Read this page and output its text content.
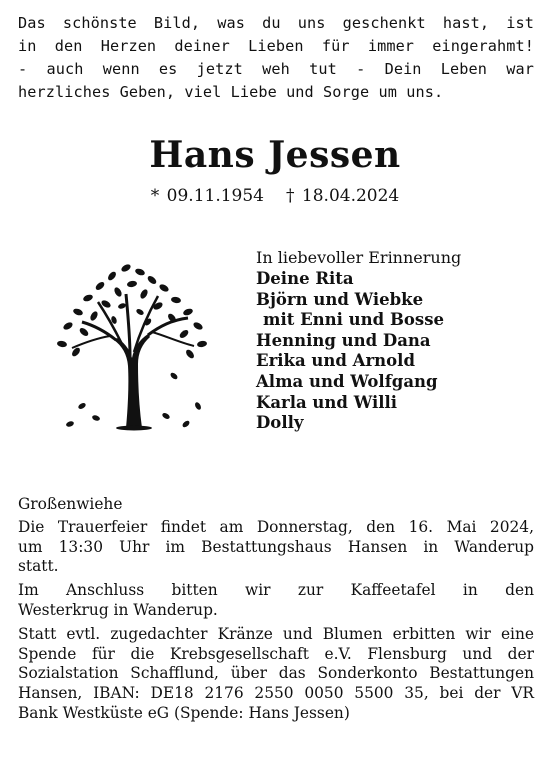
Das schönste Bild, was du uns geschenkt hast, ist
in den Herzen deiner Lieben für immer eingerahmt!
- auch wenn es jetzt weh tut - Dein Leben war
herzliches Geben, viel Liebe und Sorge um uns.
Hans Jessen
* 09.11.1954 † 18.04.2024
In liebevoller Erinnerung
Deine Rita
Björn und Wiebke
mit Enni und Bosse
Henning und Dana
Erika und Arnold
Alma und Wolfgang
Karla und Willi
Dolly
Großenwiehe
Die Trauerfeier findet am Donnerstag, den 16. Mai 2024,
um 13:30 Uhr im Bestattungshaus Hansen in Wanderup
statt.
Im Anschluss bitten wir zur Kaffeetafel in den
Westerkrug in Wanderup.
Statt evtl. zugedachter Kränze und Blumen erbitten wir eine
Spende für die Krebsgesellschaft e.V. Flensburg und der
Sozialstation Schafflund, über das Sonderkonto Bestattungen
Hansen, IBAN: DE18 2176 2550 0050 5500 35, bei der VR
Bank Westküste eG (Spende: Hans Jessen)
